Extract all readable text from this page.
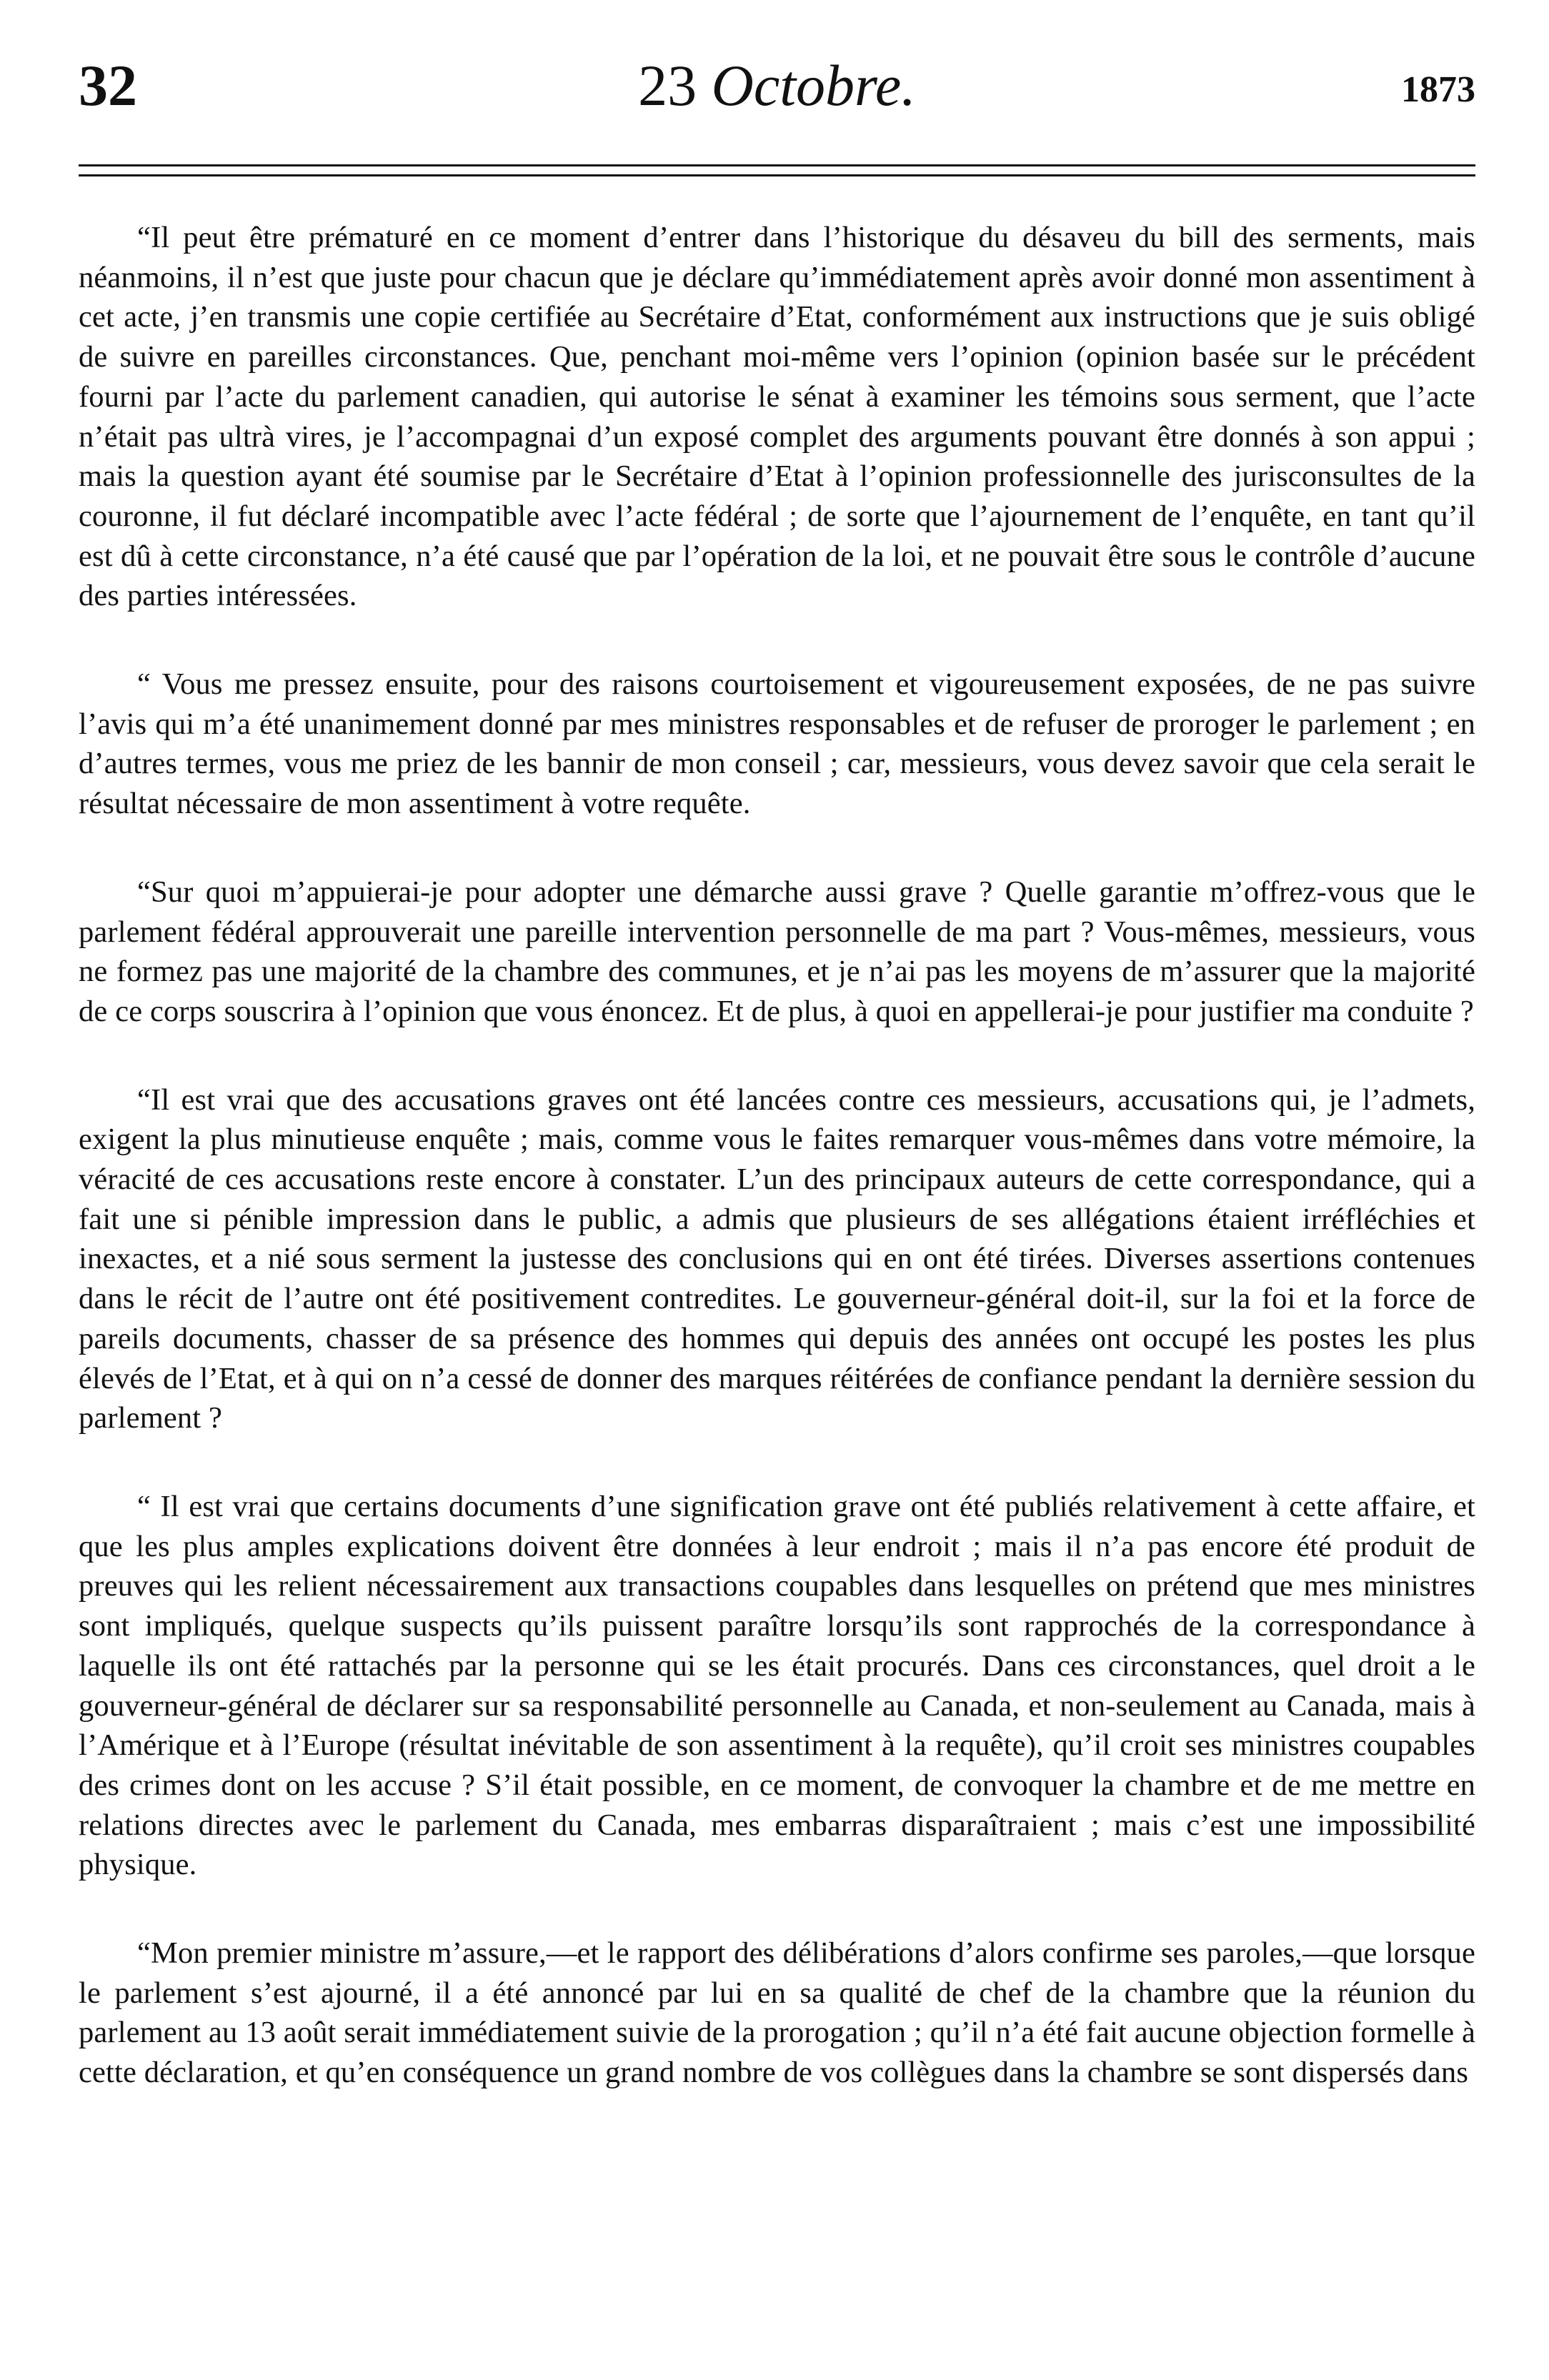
32	23 Octobre.	1873

“Il peut être prématuré en ce moment d’entrer dans l’historique du désaveu du bill des serments, mais néanmoins, il n’est que juste pour chacun que je déclare qu’immédiatement après avoir donné mon assentiment à cet acte, j’en transmis une copie certifiée au Secrétaire d’Etat, conformément aux instructions que je suis obligé de suivre en pareilles circonstances. Que, penchant moi-même vers l’opinion (opinion basée sur le précédent fourni par l’acte du parlement canadien, qui autorise le sénat à examiner les témoins sous serment, que l’acte n’était pas ultrà vires, je l’accompagnai d’un exposé complet des arguments pouvant être donnés à son appui ; mais la question ayant été soumise par le Secrétaire d’Etat à l’opinion professionnelle des jurisconsultes de la couronne, il fut déclaré incompatible avec l’acte fédéral ; de sorte que l’ajournement de l’enquête, en tant qu’il est dû à cette circonstance, n’a été causé que par l’opération de la loi, et ne pouvait être sous le contrôle d’aucune des parties intéressées.

“ Vous me pressez ensuite, pour des raisons courtoisement et vigoureusement exposées, de ne pas suivre l’avis qui m’a été unanimement donné par mes ministres responsables et de refuser de proroger le parlement ; en d’autres termes, vous me priez de les bannir de mon conseil ; car, messieurs, vous devez savoir que cela serait le résultat nécessaire de mon assentiment à votre requête.

“Sur quoi m’appuierai-je pour adopter une démarche aussi grave ? Quelle garantie m’offrez-vous que le parlement fédéral approuverait une pareille intervention personnelle de ma part ? Vous-mêmes, messieurs, vous ne formez pas une majorité de la chambre des communes, et je n’ai pas les moyens de m’assurer que la majorité de ce corps souscrira à l’opinion que vous énoncez. Et de plus, à quoi en appellerai-je pour justifier ma conduite ?

“Il est vrai que des accusations graves ont été lancées contre ces messieurs, accusations qui, je l’admets, exigent la plus minutieuse enquête ; mais, comme vous le faites remarquer vous-mêmes dans votre mémoire, la véracité de ces accusations reste encore à constater. L’un des principaux auteurs de cette correspondance, qui a fait une si pénible impression dans le public, a admis que plusieurs de ses allégations étaient irréfléchies et inexactes, et a nié sous serment la justesse des conclusions qui en ont été tirées. Diverses assertions contenues dans le récit de l’autre ont été positivement contredites. Le gouverneur-général doit-il, sur la foi et la force de pareils documents, chasser de sa présence des hommes qui depuis des années ont occupé les postes les plus élevés de l’Etat, et à qui on n’a cessé de donner des marques réitérées de confiance pendant la dernière session du parlement ?

“ Il est vrai que certains documents d’une signification grave ont été publiés relativement à cette affaire, et que les plus amples explications doivent être données à leur endroit ; mais il n’a pas encore été produit de preuves qui les relient nécessairement aux transactions coupables dans lesquelles on prétend que mes ministres sont impliqués, quelque suspects qu’ils puissent paraître lorsqu’ils sont rapprochés de la correspondance à laquelle ils ont été rattachés par la personne qui se les était procurés. Dans ces circonstances, quel droit a le gouverneur-général de déclarer sur sa responsabilité personnelle au Canada, et non-seulement au Canada, mais à l’Amérique et à l’Europe (résultat inévitable de son assentiment à la requête), qu’il croit ses ministres coupables des crimes dont on les accuse ? S’il était possible, en ce moment, de convoquer la chambre et de me mettre en relations directes avec le parlement du Canada, mes embarras disparaîtraient ; mais c’est une impossibilité physique.

“Mon premier ministre m’assure,—et le rapport des délibérations d’alors confirme ses paroles,—que lorsque le parlement s’est ajourné, il a été annoncé par lui en sa qualité de chef de la chambre que la réunion du parlement au 13 août serait immédiatement suivie de la prorogation ; qu’il n’a été fait aucune objection formelle à cette déclaration, et qu’en conséquence un grand nombre de vos collègues dans la chambre se sont dispersés dans
